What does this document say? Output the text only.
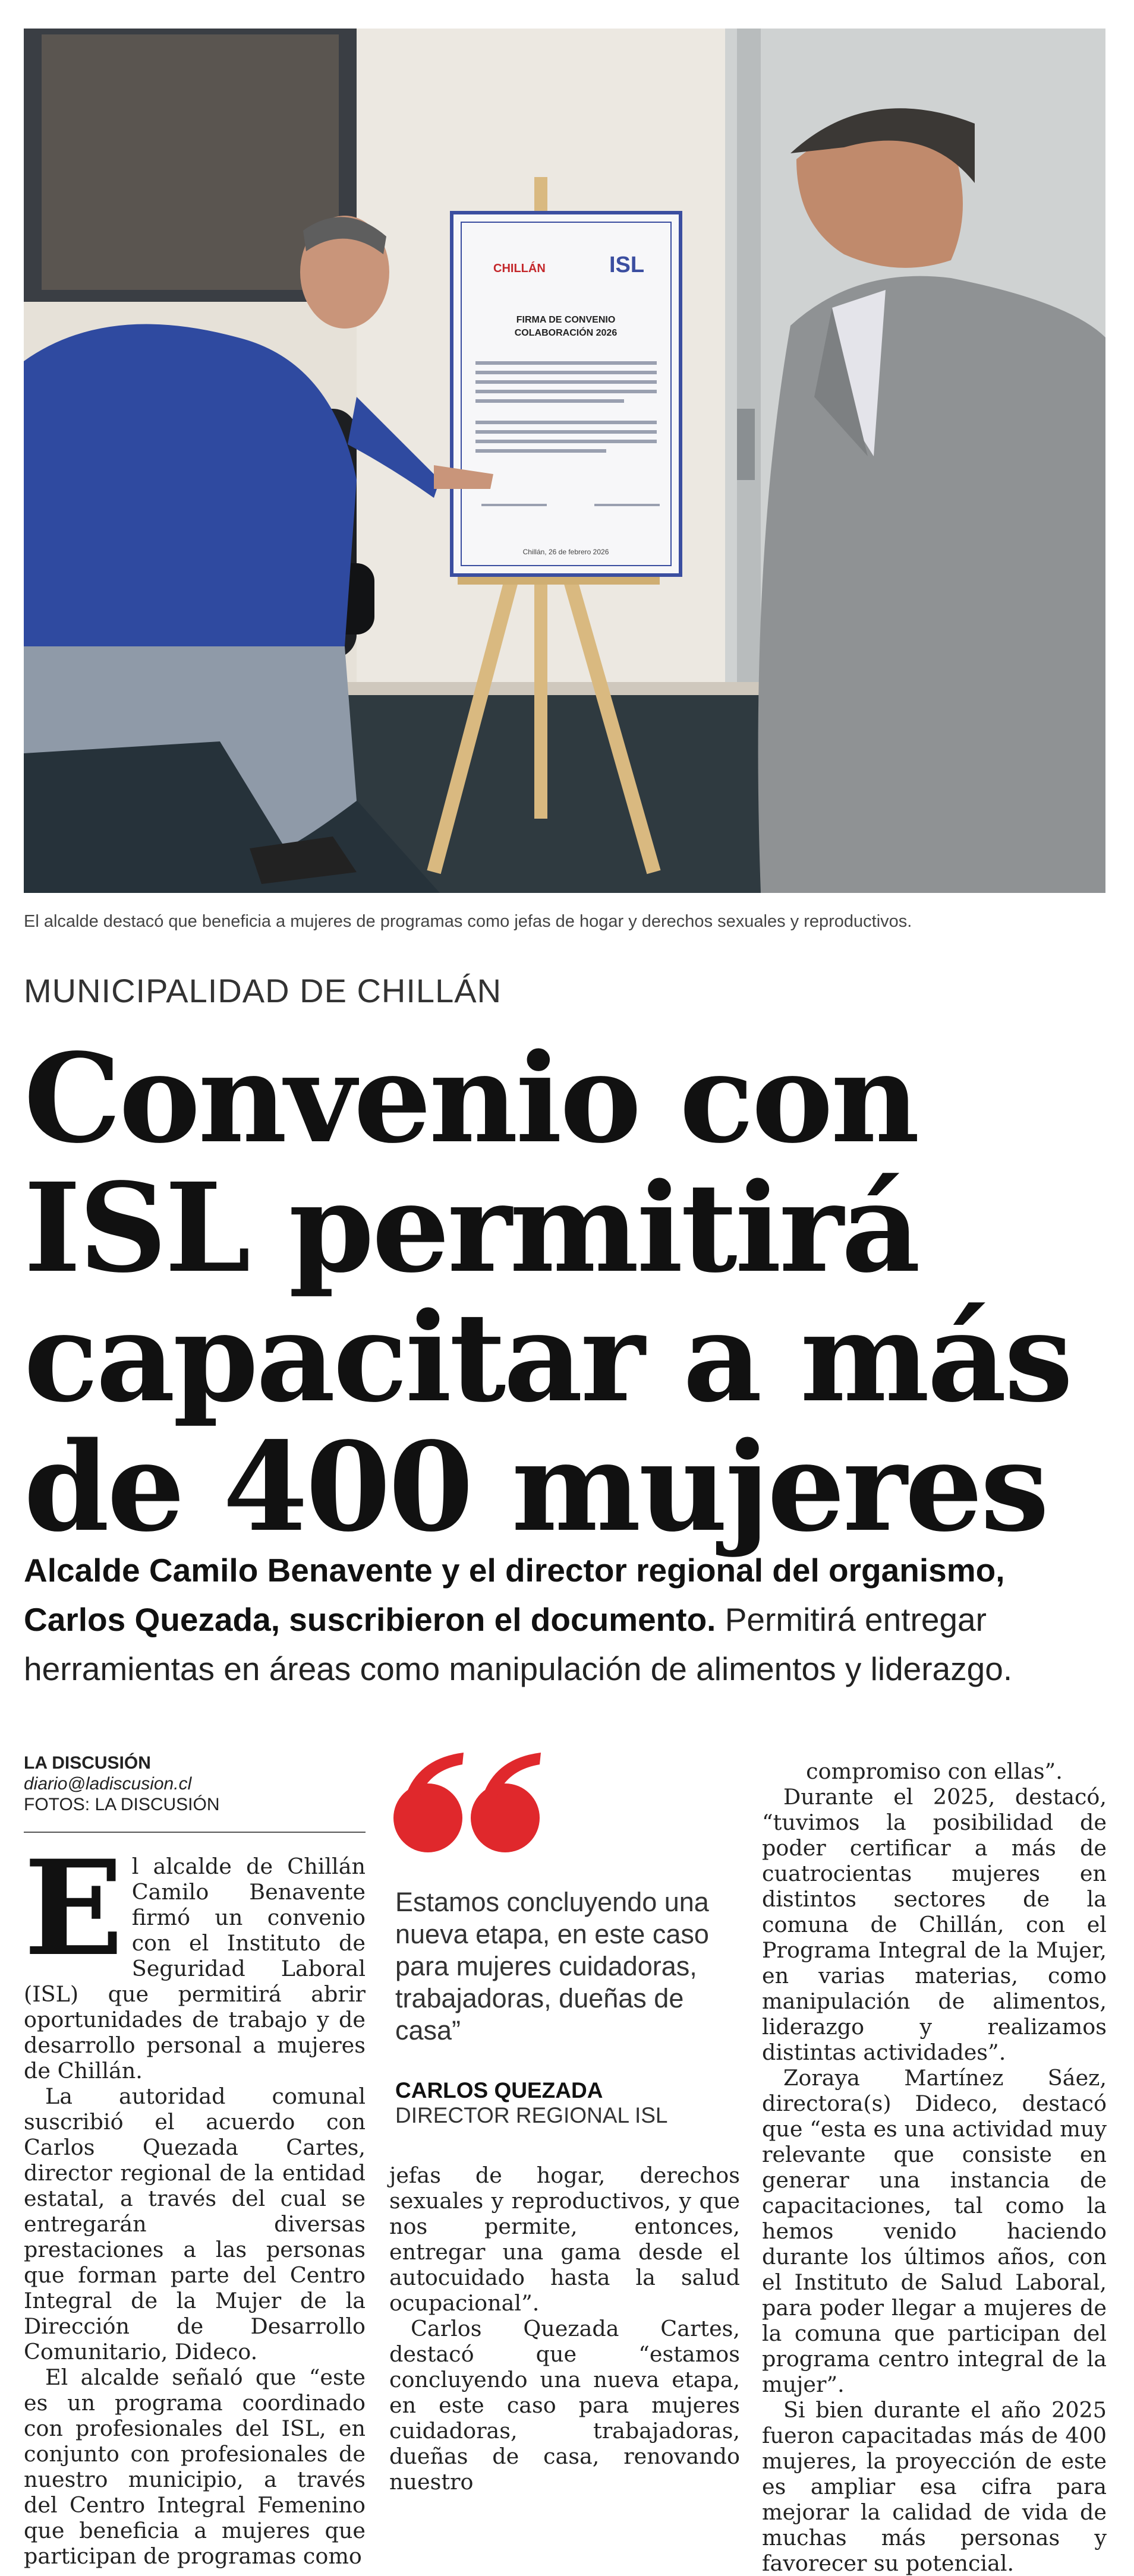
CHILLÁN	ISL
FIRMA DE CONVENIO
COLABORACIÓN 2026
Chillán, 26 de febrero 2026
El alcalde destacó que beneficia a mujeres de programas como jefas de hogar y derechos sexuales y reproductivos.
MUNICIPALIDAD DE CHILLÁN
Convenio con
ISL permitirá
capacitar a más
de 400 mujeres
Alcalde Camilo Benavente y el director regional del organismo, Carlos Quezada, suscribieron el documento. Permitirá entregar herramientas en áreas como manipulación de alimentos y liderazgo.
LA DISCUSIÓN
diario@ladiscusion.cl
FOTOS: LA DISCUSIÓN

El alcalde de Chillán Camilo Benavente firmó un convenio con el Instituto de Seguridad Laboral (ISL) que permitirá abrir oportunidades de trabajo y de desarrollo personal a mujeres de Chillán.

La autoridad comunal suscribió el acuerdo con Carlos Quezada Cartes, director regional de la entidad estatal, a través del cual se entregarán diversas prestaciones a las personas que forman parte del Centro Integral de la Mujer de la Dirección de Desarrollo Comunitario, Dideco.

El alcalde señaló que “este es un programa coordinado con profesionales del ISL, en conjunto con profesionales de nuestro municipio, a través del Centro Integral Femenino que beneficia a mujeres que participan de programas como

Estamos concluyendo una nueva etapa, en este caso para mujeres cuidadoras, trabajadoras, dueñas de casa”
CARLOS QUEZADA
DIRECTOR REGIONAL ISL

jefas de hogar, derechos sexuales y reproductivos, y que nos permite, entonces, entregar una gama desde el autocuidado hasta la salud ocupacional”.

Carlos Quezada Cartes, destacó que “estamos concluyendo una nueva etapa, en este caso para mujeres cuidadoras, trabajadoras, dueñas de casa, renovando nuestro

compromiso con ellas”.

Durante el 2025, destacó, “tuvimos la posibilidad de poder certificar a más de cuatrocientas mujeres en distintos sectores de la comuna de Chillán, con el Programa Integral de la Mujer, en varias materias, como manipulación de alimentos, liderazgo y realizamos distintas actividades”.

Zoraya Martínez Sáez, directora(s) Dideco, destacó que “esta es una actividad muy relevante que consiste en generar una instancia de capacitaciones, tal como la hemos venido haciendo durante los últimos años, con el Instituto de Salud Laboral, para poder llegar a mujeres de la comuna que participan del programa centro integral de la mujer”.

Si bien durante el año 2025 fueron capacitadas más de 400 mujeres, la proyección de este es ampliar esa cifra para mejorar la calidad de vida de muchas más personas y favorecer su potencial.
